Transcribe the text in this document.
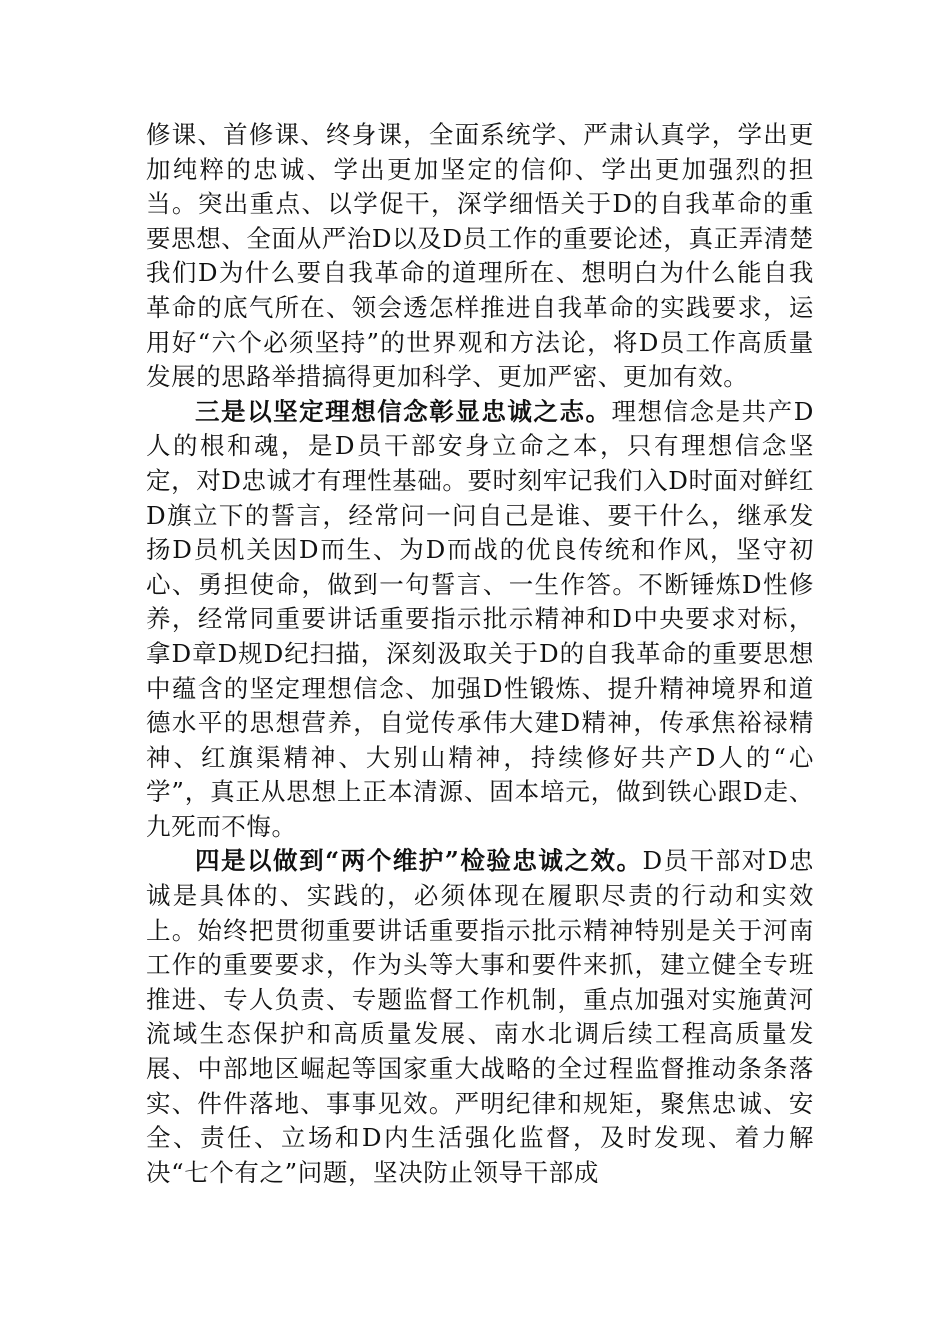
修课、首修课、终身课，全面系统学、严肃认真学，学出更加纯粹的忠诚、学出更加坚定的信仰、学出更加强烈的担当。突出重点、以学促干，深学细悟关于D的自我革命的重要思想、全面从严治D以及D员工作的重要论述，真正弄清楚我们D为什么要自我革命的道理所在、想明白为什么能自我革命的底气所在、领会透怎样推进自我革命的实践要求，运用好“六个必须坚持”的世界观和方法论，将D员工作高质量发展的思路举措搞得更加科学、更加严密、更加有效。

三是以坚定理想信念彰显忠诚之志。理想信念是共产D人的根和魂，是D员干部安身立命之本，只有理想信念坚定，对D忠诚才有理性基础。要时刻牢记我们入D时面对鲜红D旗立下的誓言，经常问一问自己是谁、要干什么，继承发扬D员机关因D而生、为D而战的优良传统和作风，坚守初心、勇担使命，做到一句誓言、一生作答。不断锤炼D性修养，经常同重要讲话重要指示批示精神和D中央要求对标，拿D章D规D纪扫描，深刻汲取关于D的自我革命的重要思想中蕴含的坚定理想信念、加强D性锻炼、提升精神境界和道德水平的思想营养，自觉传承伟大建D精神，传承焦裕禄精神、红旗渠精神、大别山精神，持续修好共产D人的“心学”，真正从思想上正本清源、固本培元，做到铁心跟D走、九死而不悔。

四是以做到“两个维护”检验忠诚之效。D员干部对D忠诚是具体的、实践的，必须体现在履职尽责的行动和实效上。始终把贯彻重要讲话重要指示批示精神特别是关于河南工作的重要要求，作为头等大事和要件来抓，建立健全专班推进、专人负责、专题监督工作机制，重点加强对实施黄河流域生态保护和高质量发展、南水北调后续工程高质量发展、中部地区崛起等国家重大战略的全过程监督推动条条落实、件件落地、事事见效。严明纪律和规矩，聚焦忠诚、安全、责任、立场和D内生活强化监督，及时发现、着力解决“七个有之”问题，坚决防止领导干部成
